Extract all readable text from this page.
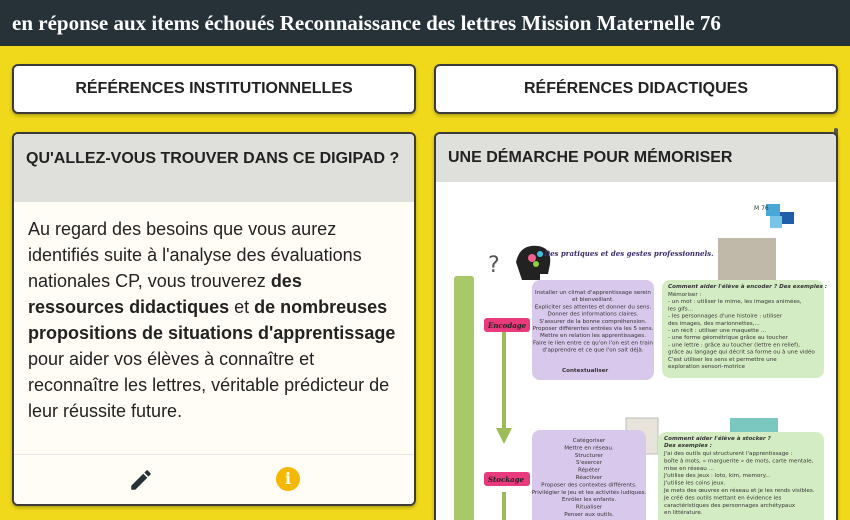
en réponse aux items échoués Reconnaissance des lettres Mission Maternelle 76
RÉFÉRENCES INSTITUTIONNELLES	RÉFÉRENCES DIDACTIQUES
QU'ALLEZ-VOUS TROUVER DANS CE DIGIPAD ?
Au regard des besoins que vous aurez identifiés suite à l'analyse des évaluations nationales CP, vous trouverez des ressources didactiques et de nombreuses propositions de situations d'apprentissage pour aider vos élèves à connaître et reconnaître les lettres, véritable prédicteur de leur réussite future.
i
UNE DÉMARCHE POUR MÉMORISER
M 76
?	Des pratiques et des gestes professionnels.
Encodage
Installer un climat d'apprentissage serein
et bienveillant.
Expliciter ses attentes et donner du sens.
Donner des informations claires.
S'assurer de la bonne compréhension.
Proposer différentes entrées via les 5 sens.
Mettre en relation les apprentissages.
Faire le lien entre ce qu'on l'on est en train
d'apprendre et ce que l'on sait déjà.
Contextualiser
Comment aider l'élève à encoder ? Des exemples :
Mémoriser :
- un mot : utiliser le mime, les images animées,
les gifs...
- les personnages d'une histoire : utiliser
des images, des marionnettes,...
- un récit : utiliser une maquette ...
- une forme géométrique grâce au toucher
- une lettre : grâce au toucher (lettre en relief),
grâce au langage qui décrit sa forme ou à une vidéo
C'est utiliser les sens et permettre une
exploration sensori-motrice
Stockage
Catégoriser
Mettre en réseau.
Structurer
S'exercer
Répéter
Réactiver
Proposer des contextes différents.
Privilégier le jeu et les activités ludiques.
Enrôler les enfants.
Ritualiser
Penser aux outils.
Comment aider l'élève à stocker ?
Des exemples :
J'ai des outils qui structurent l'apprentissage :
boîte à mots, « marguerite » de mots, carte mentale,
mise en réseau ...
J'utilise des jeux : loto, kim, memory...
J'utilise les coins jeux.
Je mets des œuvres en réseau et je les rends visibles.
Je créé des outils mettant en évidence les
caractéristiques des personnages archétypaux
en littérature.
